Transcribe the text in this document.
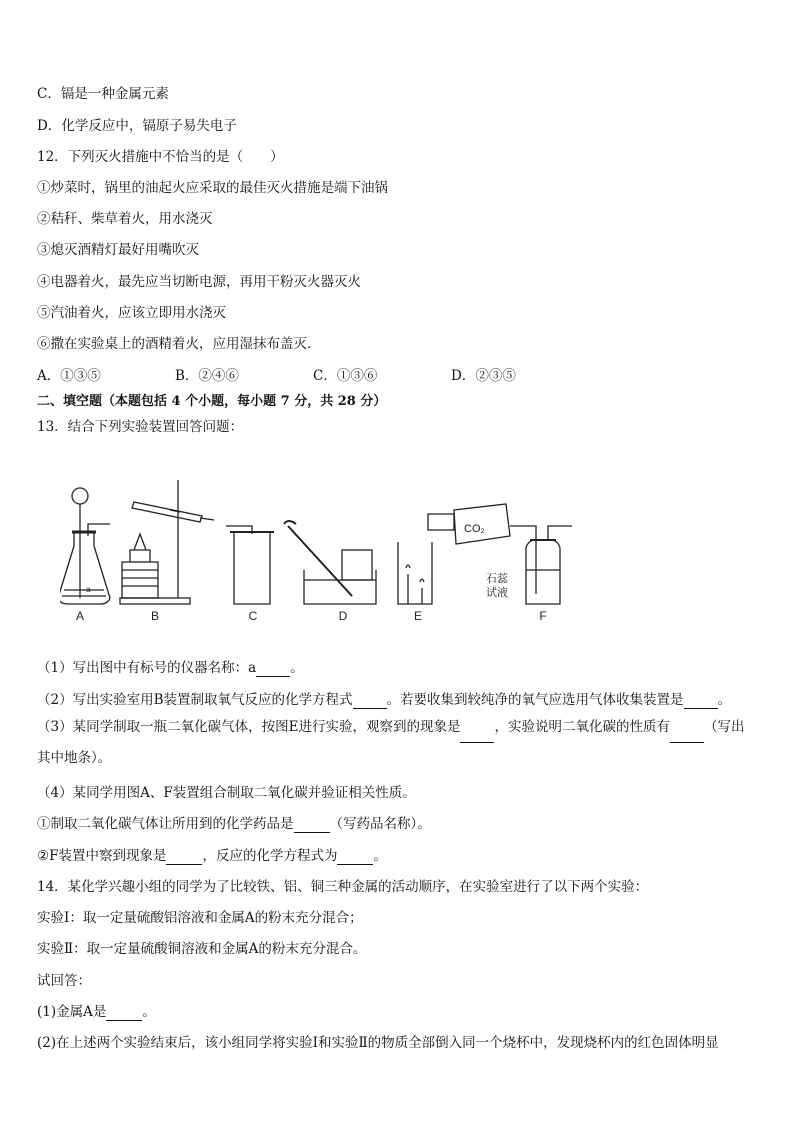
C．镉是一种金属元素
D．化学反应中，镉原子易失电子
12．下列灭火措施中不恰当的是（　　）
①炒菜时，锅里的油起火应采取的最佳灭火措施是端下油锅
②秸秆、柴草着火，用水浇灭
③熄灭酒精灯最好用嘴吹灭
④电器着火，最先应当切断电源，再用干粉灭火器灭火
⑤汽油着火，应该立即用水浇灭
⑥撒在实验桌上的酒精着火，应用湿抹布盖灭．
A．①③⑤	B．②④⑥	C．①③⑥	D．②③⑤
二、填空题（本题包括 4 个小题，每小题 7 分，共 28 分）
13．结合下列实验装置回答问题：
a
A	B	C	D
CO₂
E
石蕊
试液
F
（1）写出图中有标号的仪器名称：a	。
（2）写出实验室用B装置制取氧气反应的化学方程式	。若要收集到较纯净的氧气应选用气体收集装置是	。
（3）某同学制取一瓶二氧化碳气体，按图E进行实验，观察到的现象是	，实验说明二氧化碳的性质有	（写出其中地条）。
（4）某同学用图A、F装置组合制取二氧化碳并验证相关性质。
①制取二氧化碳气体让所用到的化学药品是	（写药品名称）。
②F装置中察到现象是	，反应的化学方程式为	。
14．某化学兴趣小组的同学为了比较铁、铝、铜三种金属的活动顺序，在实验室进行了以下两个实验：
实验Ⅰ：取一定量硫酸铝溶液和金属A的粉末充分混合；
实验Ⅱ：取一定量硫酸铜溶液和金属A的粉末充分混合。
试回答：
(1)金属A是	。
(2)在上述两个实验结束后，该小组同学将实验Ⅰ和实验Ⅱ的物质全部倒入同一个烧杯中，发现烧杯内的红色固体明显
